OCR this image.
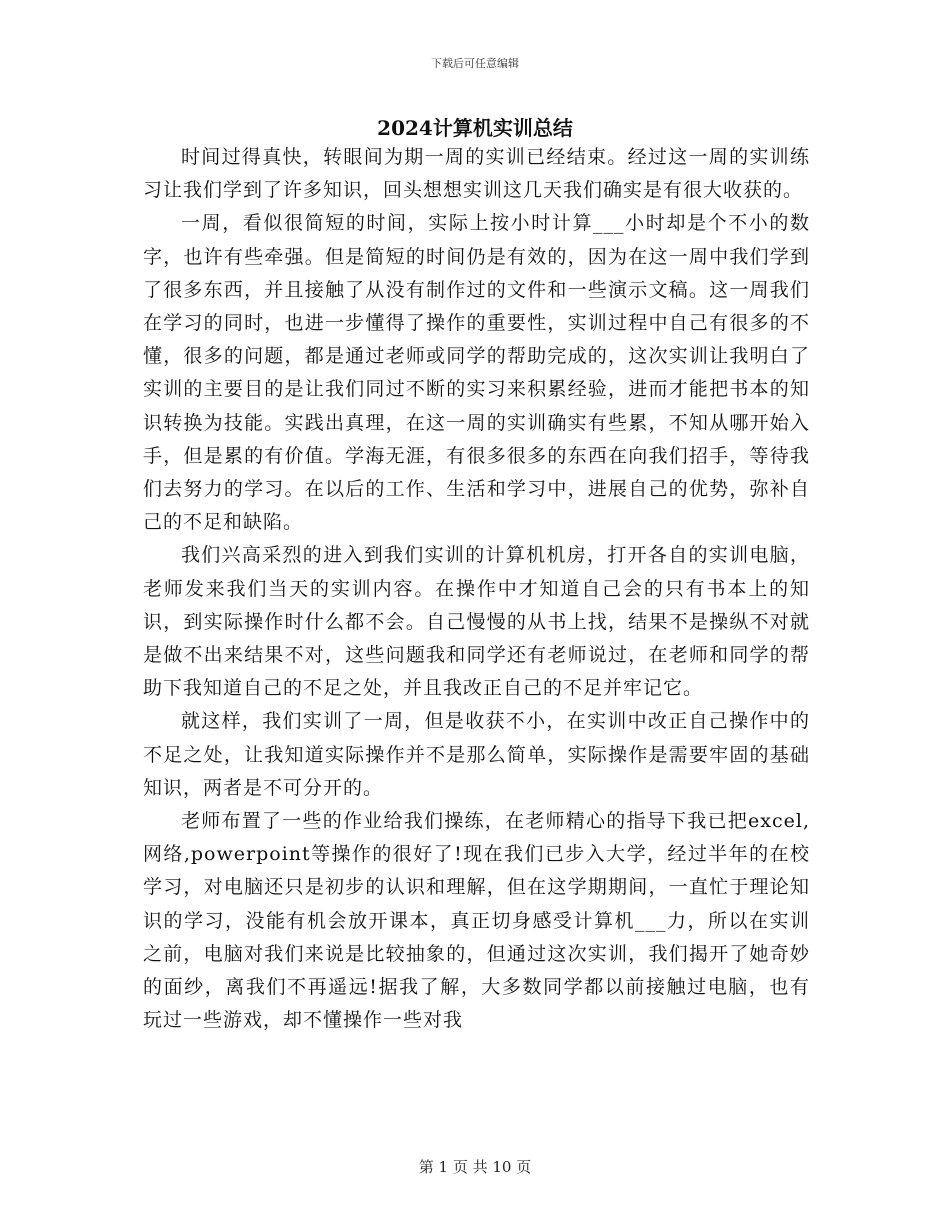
下载后可任意编辑
2024计算机实训总结

时间过得真快，转眼间为期一周的实训已经结束。经过这一周的实训练习让我们学到了许多知识，回头想想实训这几天我们确实是有很大收获的。

一周，看似很简短的时间，实际上按小时计算___小时却是个不小的数字，也许有些牵强。但是简短的时间仍是有效的，因为在这一周中我们学到了很多东西，并且接触了从没有制作过的文件和一些演示文稿。这一周我们在学习的同时，也进一步懂得了操作的重要性，实训过程中自己有很多的不懂，很多的问题，都是通过老师或同学的帮助完成的，这次实训让我明白了实训的主要目的是让我们同过不断的实习来积累经验，进而才能把书本的知识转换为技能。实践出真理，在这一周的实训确实有些累，不知从哪开始入手，但是累的有价值。学海无涯，有很多很多的东西在向我们招手，等待我们去努力的学习。在以后的工作、生活和学习中，进展自己的优势，弥补自己的不足和缺陷。

我们兴高采烈的进入到我们实训的计算机机房，打开各自的实训电脑，老师发来我们当天的实训内容。在操作中才知道自己会的只有书本上的知识，到实际操作时什么都不会。自己慢慢的从书上找，结果不是操纵不对就是做不出来结果不对，这些问题我和同学还有老师说过，在老师和同学的帮助下我知道自己的不足之处，并且我改正自己的不足并牢记它。

就这样，我们实训了一周，但是收获不小，在实训中改正自己操作中的不足之处，让我知道实际操作并不是那么简单，实际操作是需要牢固的基础知识，两者是不可分开的。

老师布置了一些的作业给我们操练，在老师精心的指导下我已把excel,网络,powerpoint等操作的很好了!现在我们已步入大学，经过半年的在校学习，对电脑还只是初步的认识和理解，但在这学期期间，一直忙于理论知识的学习，没能有机会放开课本，真正切身感受计算机___力，所以在实训之前，电脑对我们来说是比较抽象的，但通过这次实训，我们揭开了她奇妙的面纱，离我们不再遥远!据我了解，大多数同学都以前接触过电脑，也有玩过一些游戏，却不懂操作一些对我

第 1 页 共 10 页
